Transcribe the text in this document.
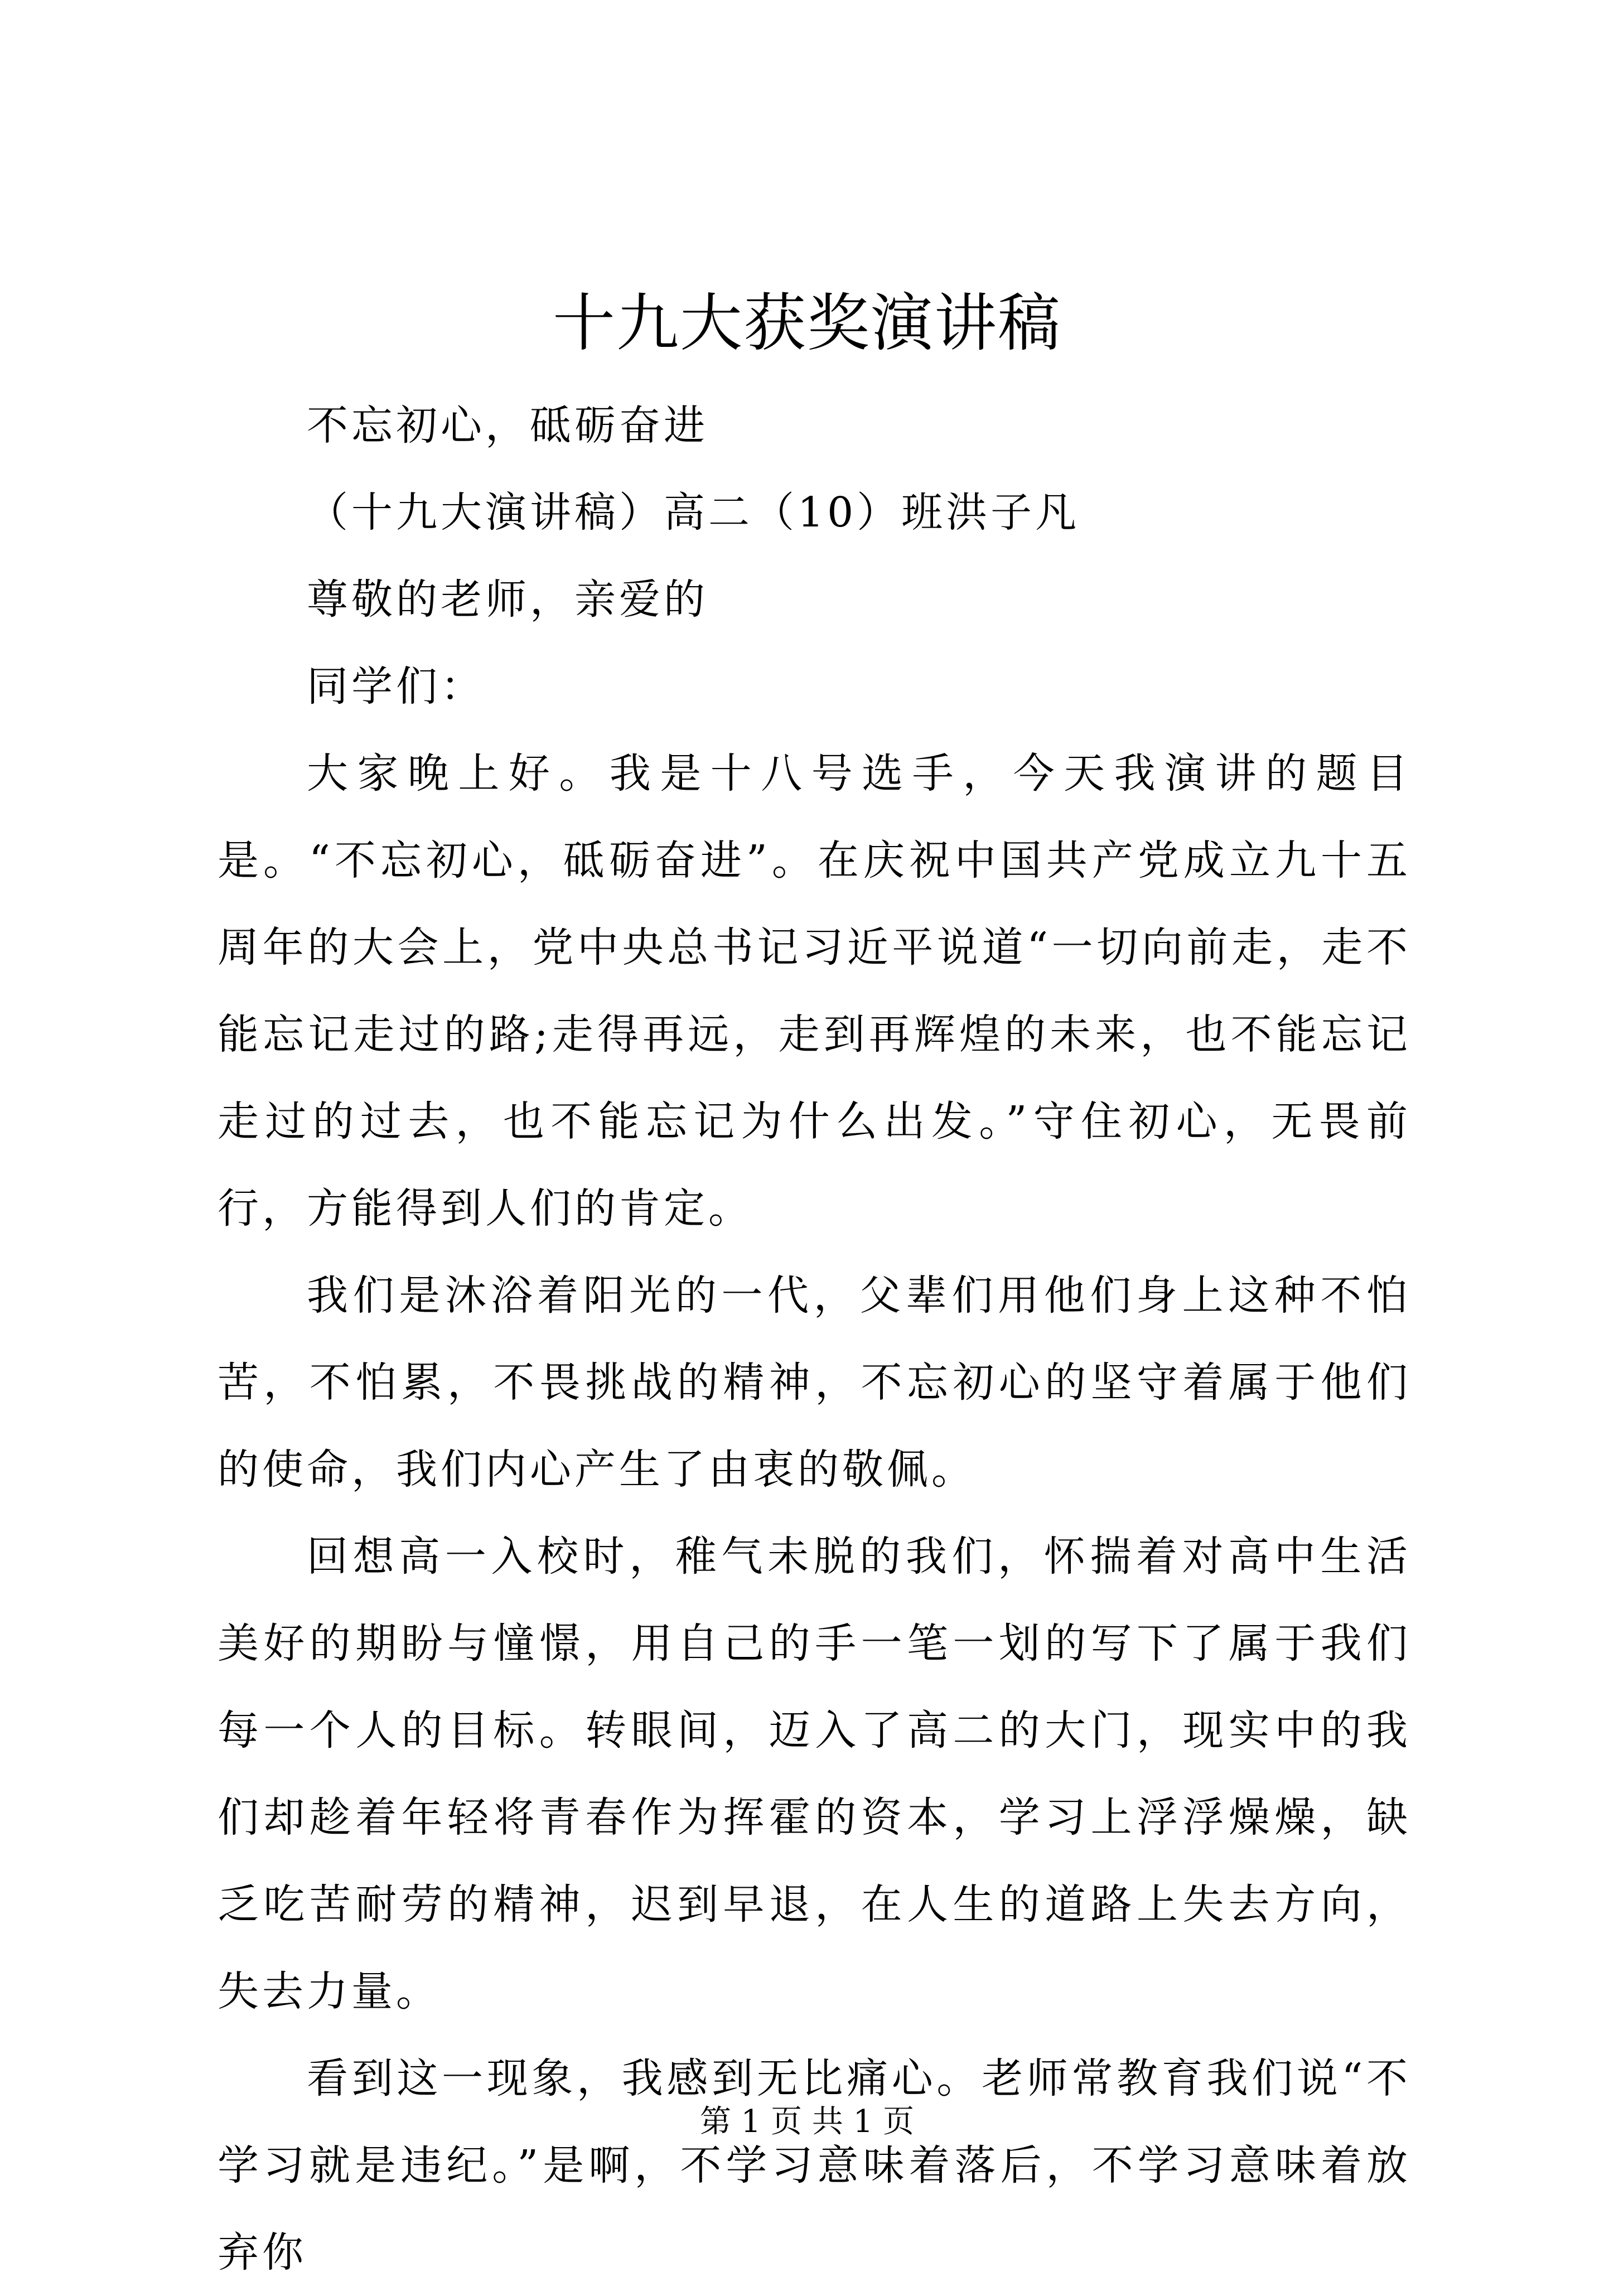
十九大获奖演讲稿

不忘初心，砥砺奋进

（十九大演讲稿）高二（10）班洪子凡

尊敬的老师，亲爱的

同学们：

大家晚上好。我是十八号选手，今天我演讲的题目是。“不忘初心，砥砺奋进”。在庆祝中国共产党成立九十五周年的大会上，党中央总书记习近平说道“一切向前走，走不能忘记走过的路;走得再远，走到再辉煌的未来，也不能忘记走过的过去，也不能忘记为什么出发。”守住初心，无畏前行，方能得到人们的肯定。

我们是沐浴着阳光的一代，父辈们用他们身上这种不怕苦，不怕累，不畏挑战的精神，不忘初心的坚守着属于他们的使命，我们内心产生了由衷的敬佩。

回想高一入校时，稚气未脱的我们，怀揣着对高中生活美好的期盼与憧憬，用自己的手一笔一划的写下了属于我们每一个人的目标。转眼间，迈入了高二的大门，现实中的我们却趁着年轻将青春作为挥霍的资本，学习上浮浮燥燥，缺乏吃苦耐劳的精神，迟到早退，在人生的道路上失去方向，失去力量。

看到这一现象，我感到无比痛心。老师常教育我们说“不学习就是违纪。”是啊，不学习意味着落后，不学习意味着放弃你

第 1 页 共 1 页
